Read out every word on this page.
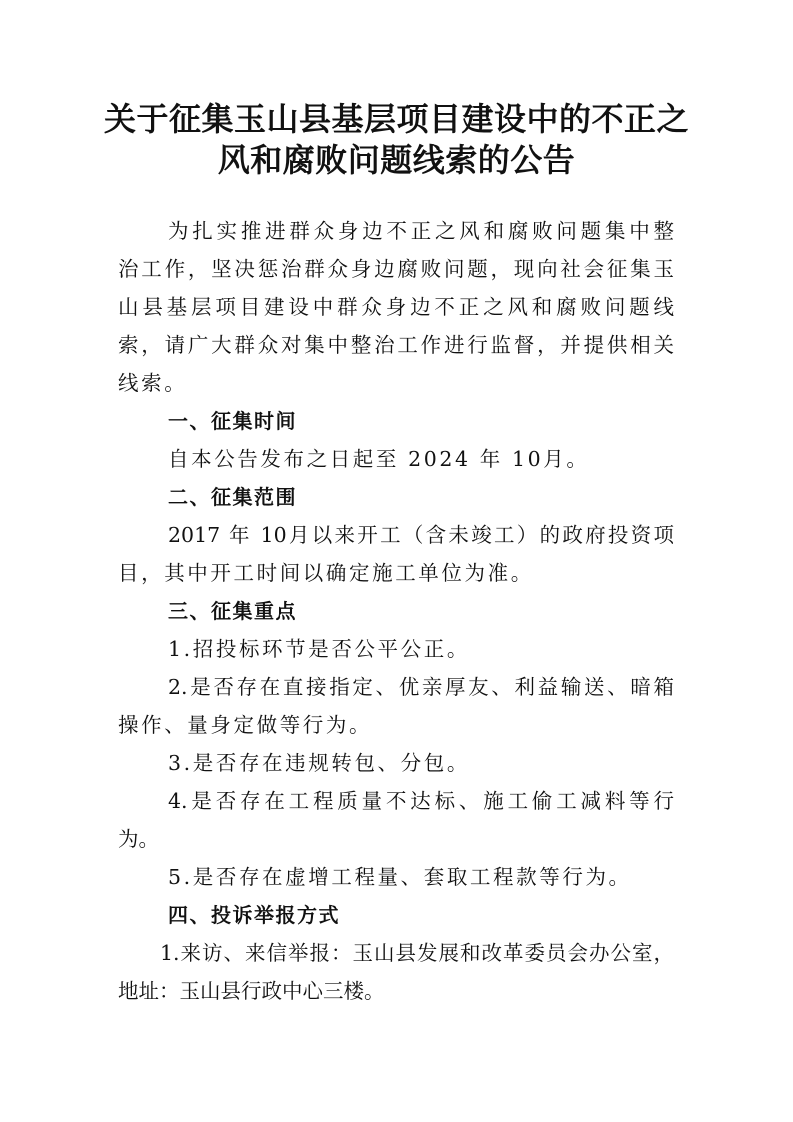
关于征集玉山县基层项目建设中的不正之
风和腐败问题线索的公告
为扎实推进群众身边不正之风和腐败问题集中整
治工作，坚决惩治群众身边腐败问题，现向社会征集玉
山县基层项目建设中群众身边不正之风和腐败问题线
索，请广大群众对集中整治工作进行监督，并提供相关
线索。
一、征集时间
自本公告发布之日起至 2024 年 10月。
二、征集范围
2017 年 10月以来开工（含未竣工）的政府投资项
目，其中开工时间以确定施工单位为准。
三、征集重点
1.招投标环节是否公平公正。
2.是否存在直接指定、优亲厚友、利益输送、暗箱
操作、量身定做等行为。
3.是否存在违规转包、分包。
4.是否存在工程质量不达标、施工偷工减料等行
为。
5.是否存在虚增工程量、套取工程款等行为。
四、投诉举报方式
1.来访、来信举报：玉山县发展和改革委员会办公室，
地址：玉山县行政中心三楼。
